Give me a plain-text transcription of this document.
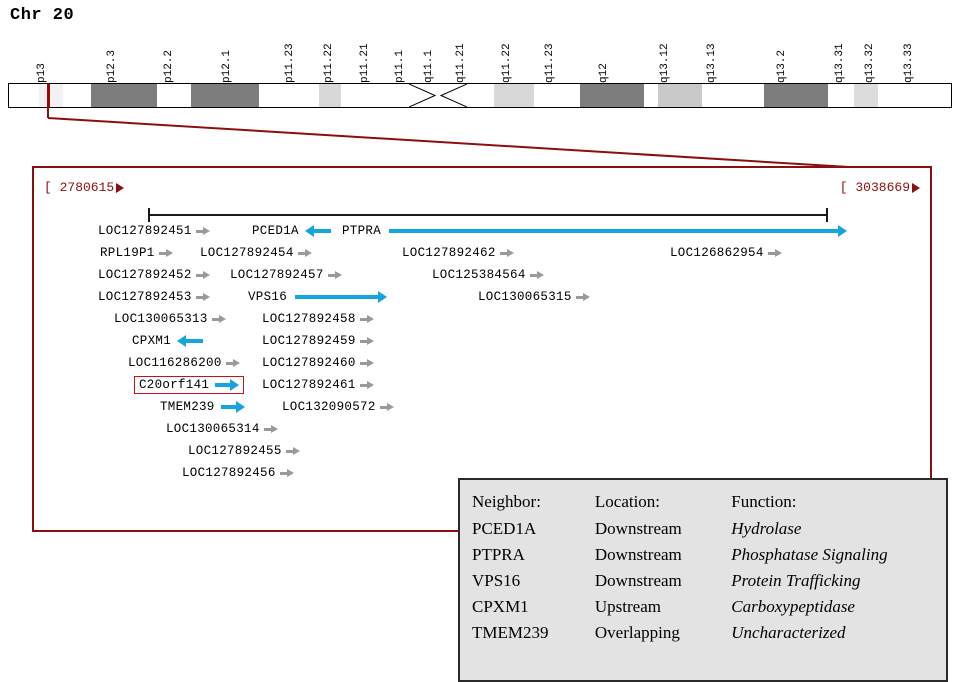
Chr 20
p13	p12.3	p12.2	p12.1	p11.23 p11.22 p11.21 p11.1 q11.1 q11.21	q11.22	q11.23	q12	q13.12	q13.13	q13.2	q13.31 q13.32 q13.33
[ 2780615	[ 3038669
LOC127892451	PCED1A	PTPRA
RPL19P1	LOC127892454	LOC127892462	LOC126862954
LOC127892452	LOC127892457	LOC125384564
LOC127892453	VPS16	LOC130065315
LOC130065313	LOC127892458
CPXM1	LOC127892459
LOC116286200	LOC127892460
C20orf141	LOC127892461
TMEM239	LOC132090572
LOC130065314
LOC127892455
LOC127892456
Neighbor:	Location:	Function:
PCED1A	Downstream	Hydrolase
PTPRA	Downstream	Phosphatase Signaling
VPS16	Downstream	Protein Trafficking
CPXM1	Upstream	Carboxypeptidase
TMEM239	Overlapping	Uncharacterized
